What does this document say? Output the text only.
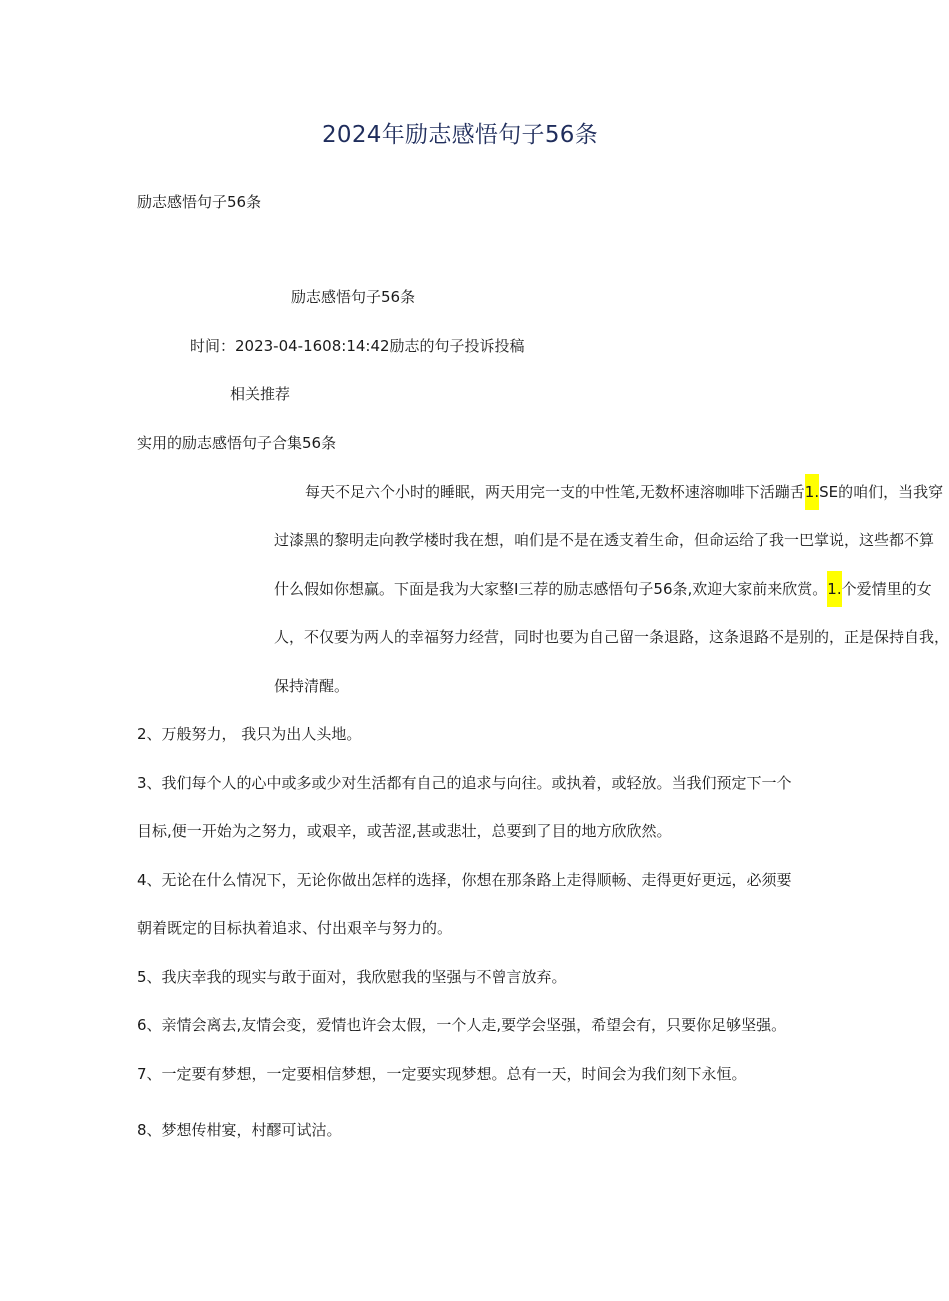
2024年励志感悟句子56条
励志感悟句子56条
励志感悟句子56条
时间：2023-04-1608:14:42励志的句子投诉投稿
相关推荐
实用的励志感悟句子合集56条
每天不足六个小时的睡眠，两天用完一支的中性笔,无数杯速溶咖啡下活蹦舌1.SE的咱们，当我穿
过漆黑的黎明走向教学楼时我在想，咱们是不是在透支着生命，但命运给了我一巴掌说，这些都不算
什么假如你想赢。下面是我为大家整I三荐的励志感悟句子56条,欢迎大家前来欣赏。1.个爱情里的女
人，不仅要为两人的幸福努力经营，同时也要为自己留一条退路，这条退路不是别的，正是保持自我，
保持清醒。
2、万般努力， 我只为出人头地。
3、我们每个人的心中或多或少对生活都有自己的追求与向往。或执着，或轻放。当我们预定下一个
目标,便一开始为之努力，或艰辛，或苦涩,甚或悲壮，总要到了目的地方欣欣然。
4、无论在什么情况下，无论你做出怎样的选择，你想在那条路上走得顺畅、走得更好更远，必须要
朝着既定的目标执着追求、付出艰辛与努力的。
5、我庆幸我的现实与敢于面对，我欣慰我的坚强与不曾言放弃。
6、亲情会离去,友情会变，爱情也许会太假，一个人走,要学会坚强，希望会有，只要你足够坚强。
7、一定要有梦想，一定要相信梦想，一定要实现梦想。总有一天，时间会为我们刻下永恒。
8、梦想传柑宴，村醪可试沽。
